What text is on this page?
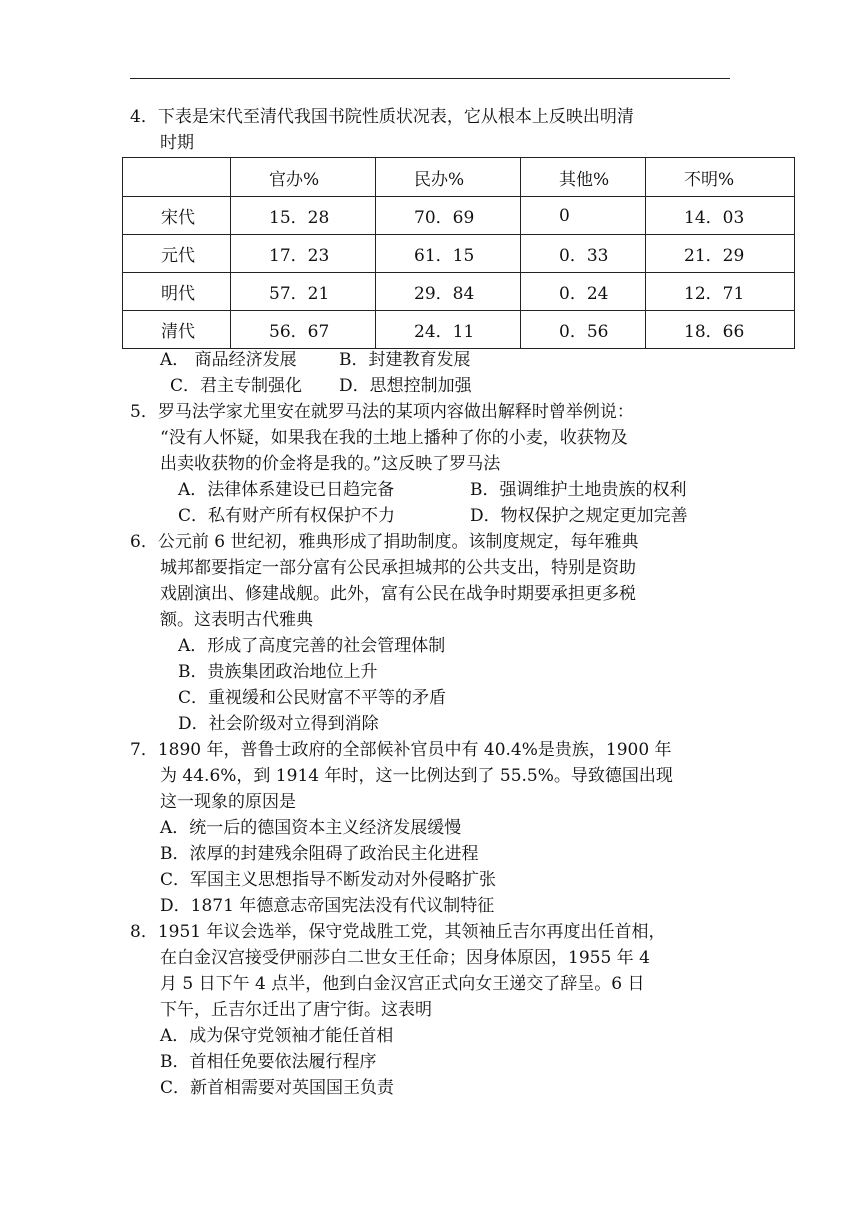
4．下表是宋代至清代我国书院性质状况表，它从根本上反映出明清
时期
	官办%	民办%	其他%	不明%
宋代	15．28	70．69	0	14．03
元代	17．23	61．15	0．33	21．29
明代	57．21	29．84	0．24	12．71
清代	56．67	24．11	0．56	18．66
A． 商品经济发展 B．封建教育发展
C．君主专制强化 D．思想控制加强
5．罗马法学家尤里安在就罗马法的某项内容做出解释时曾举例说：
“没有人怀疑，如果我在我的土地上播种了你的小麦，收获物及
出卖收获物的价金将是我的。”这反映了罗马法
A．法律体系建设已日趋完备	B．强调维护土地贵族的权利
C．私有财产所有权保护不力	D．物权保护之规定更加完善
6．公元前 6 世纪初，雅典形成了捐助制度。该制度规定，每年雅典
城邦都要指定一部分富有公民承担城邦的公共支出，特别是资助
戏剧演出、修建战舰。此外，富有公民在战争时期要承担更多税
额。这表明古代雅典
A．形成了高度完善的社会管理体制
B．贵族集团政治地位上升
C．重视缓和公民财富不平等的矛盾
D．社会阶级对立得到消除
7．1890 年，普鲁士政府的全部候补官员中有 40.4%是贵族，1900 年
为 44.6%，到 1914 年时，这一比例达到了 55.5%。导致德国出现
这一现象的原因是
A．统一后的德国资本主义经济发展缓慢
B．浓厚的封建残余阻碍了政治民主化进程
C．军国主义思想指导不断发动对外侵略扩张
D．1871 年德意志帝国宪法没有代议制特征
8．1951 年议会选举，保守党战胜工党，其领袖丘吉尔再度出任首相，
在白金汉宫接受伊丽莎白二世女王任命；因身体原因，1955 年 4
月 5 日下午 4 点半，他到白金汉宫正式向女王递交了辞呈。6 日
下午，丘吉尔迁出了唐宁街。这表明
A．成为保守党领袖才能任首相
B．首相任免要依法履行程序
C．新首相需要对英国国王负责
